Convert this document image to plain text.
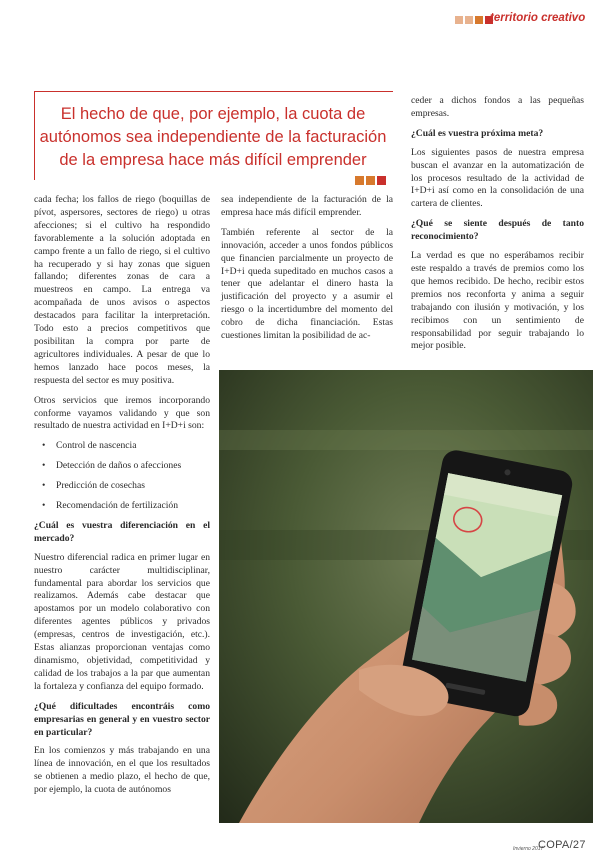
territorio creativo
El hecho de que, por ejemplo, la cuota de autónomos sea independiente de la facturación de la empresa hace más difícil emprender

cada fecha; los fallos de riego (boquillas de pívot, aspersores, sectores de riego) u otras afecciones; si el cultivo ha respondido favorablemente a la solución adoptada en campo frente a un fallo de riego, si el cultivo ha recuperado y si hay zonas que siguen fallando; diferentes zonas de cara a muestreos en campo. La entrega va acompañada de unos avisos o aspectos destacados para facilitar la interpretación. Todo esto a precios competitivos que posibilitan la compra por parte de agricultores individuales. A pesar de que lo hemos lanzado hace pocos meses, la respuesta del sector es muy positiva.

Otros servicios que iremos incorporando conforme vayamos validando y que son resultado de nuestra actividad en I+D+i son:

• Control de nascencia
• Detección de daños o afecciones
• Predicción de cosechas
• Recomendación de fertilización
¿Cuál es vuestra diferenciación en el mercado?

Nuestro diferencial radica en primer lugar en nuestro carácter multidisciplinar, fundamental para abordar los servicios que realizamos. Además cabe destacar que apostamos por un modelo colaborativo con diferentes agentes públicos y privados (empresas, centros de investigación, etc.). Estas alianzas proporcionan ventajas como dinamismo, objetividad, competitividad y calidad de los trabajos a la par que aumentan la fortaleza y confianza del equipo formado.

¿Qué dificultades encontráis como empresarias en general y en vuestro sector en particular?

En los comienzos y más trabajando en una línea de innovación, en el que los resultados se obtienen a medio plazo, el hecho de que, por ejemplo, la cuota de autónomos

sea independiente de la facturación de la empresa hace más difícil emprender.

También referente al sector de la innovación, acceder a unos fondos públicos que financien parcialmente un proyecto de I+D+i queda supeditado en muchos casos a tener que adelantar el dinero hasta la justificación del proyecto y a asumir el riesgo o la incertidumbre del momento del cobro de dicha financiación. Estas cuestiones limitan la posibilidad de ac-

ceder a dichos fondos a las pequeñas empresas.

¿Cuál es vuestra próxima meta?

Los siguientes pasos de nuestra empresa buscan el avanzar en la automatización de los procesos resultado de la actividad de I+D+i así como en la consolidación de una cartera de clientes.

¿Qué se siente después de tanto reconocimiento?

La verdad es que no esperábamos recibir este respaldo a través de premios como los que hemos recibido. De hecho, recibir estos premios nos reconforta y anima a seguir trabajando con ilusión y motivación, y los recibimos con un sentimiento de responsabilidad por seguir trabajando lo mejor posible.

Invierno 2017
COPA/27
